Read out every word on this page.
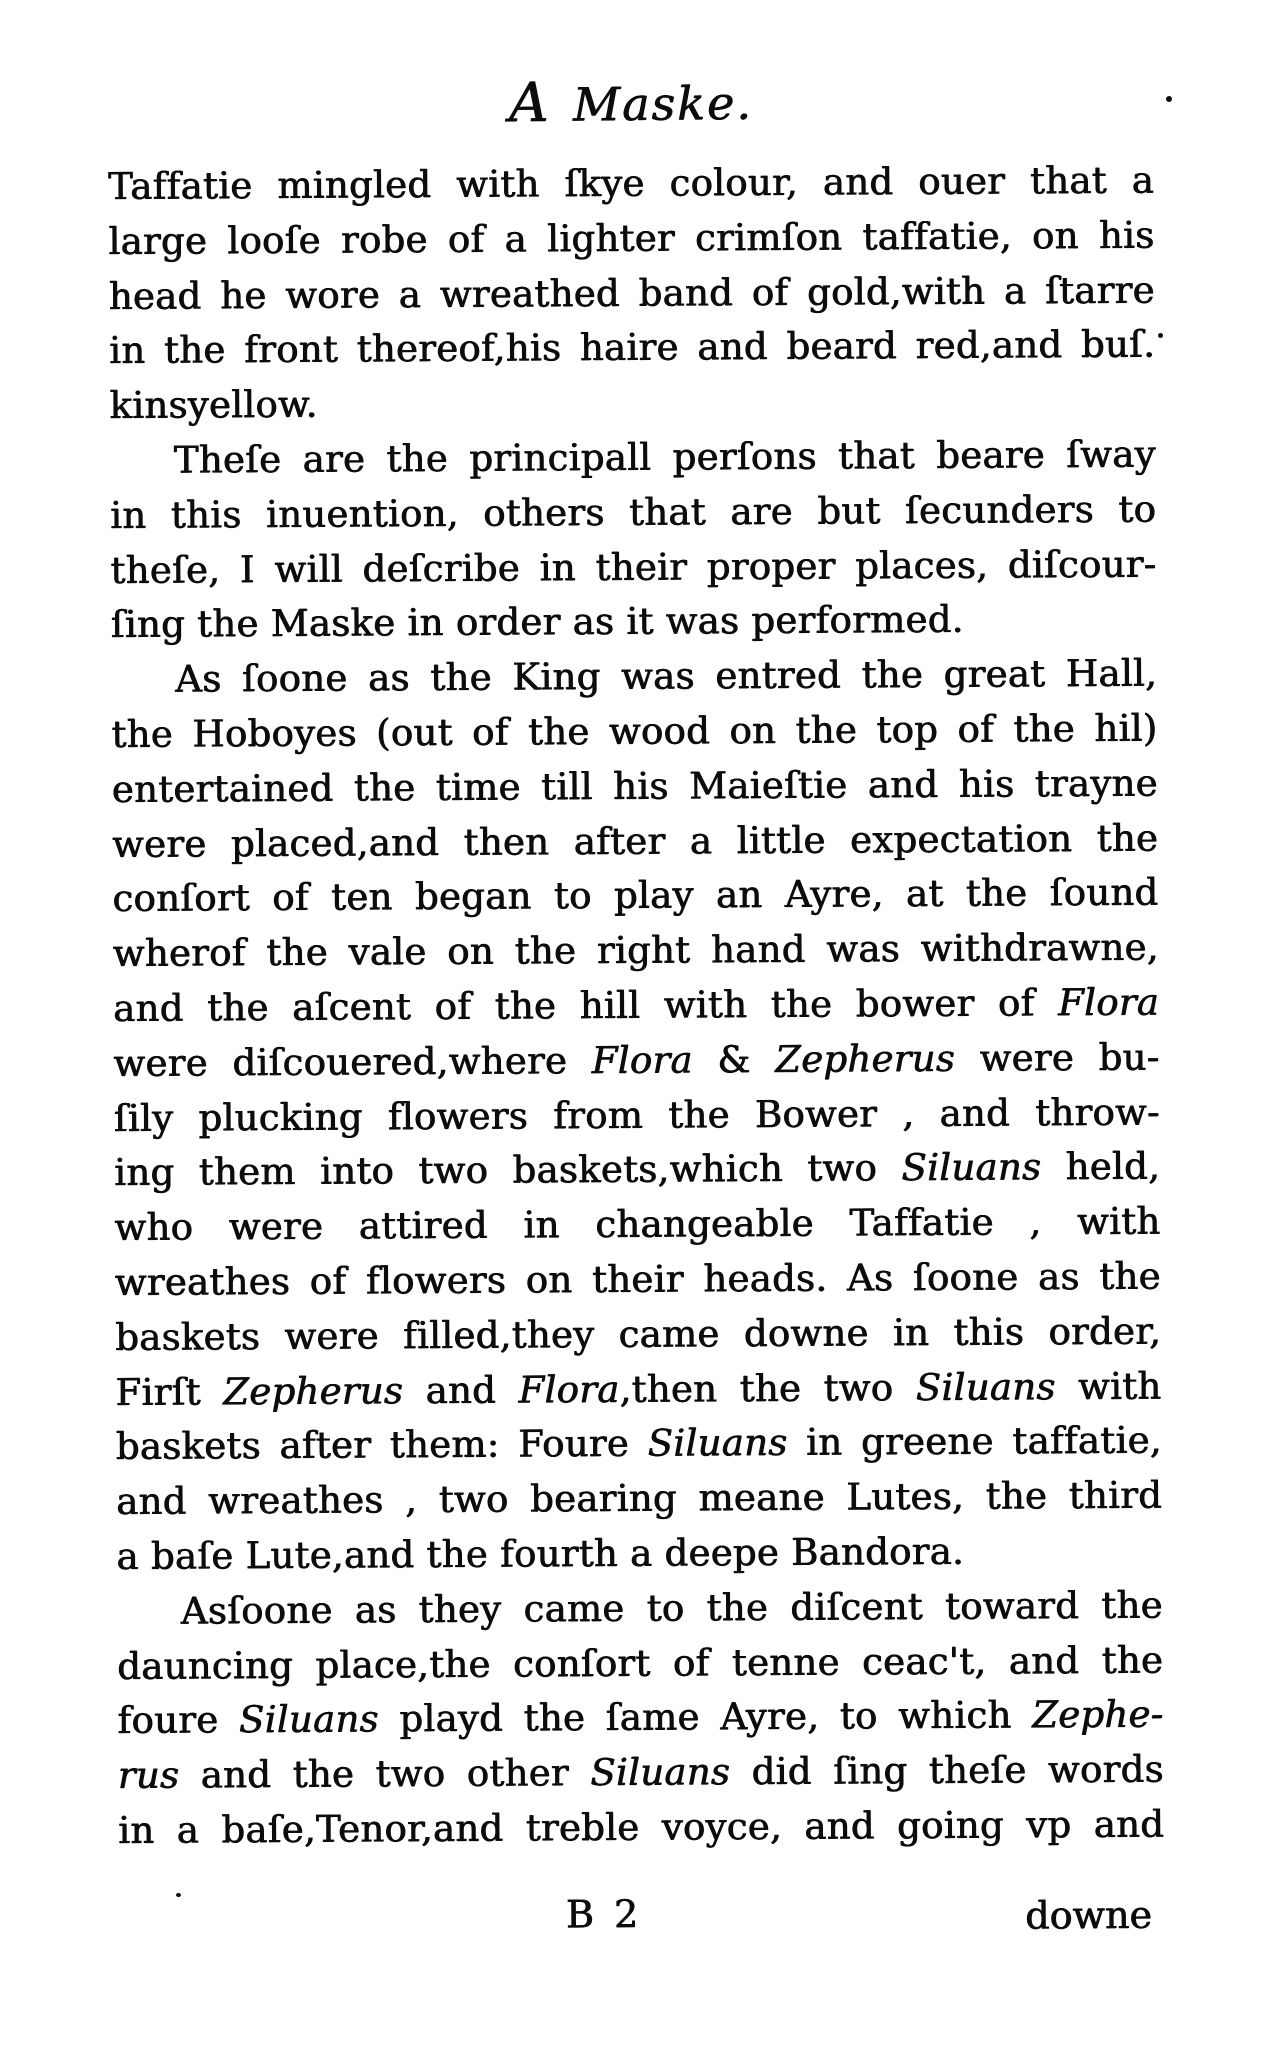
A Maske.

Taffatie mingled with ſkye colour, and ouer that a
large looſe robe of a lighter crimſon taffatie, on his
head he wore a wreathed band of gold,with a ſtarre
in the front thereof,his haire and beard red,and buſ.
kinsyellow.

Theſe are the principall perſons that beare ſway
in this inuention, others that are but ſecunders to
theſe, I will deſcribe in their proper places, diſcour-
ſing the Maske in order as it was performed.

As ſoone as the King was entred the great Hall,
the Hoboyes (out of the wood on the top of the hil)
entertained the time till his Maieſtie and his trayne
were placed,and then after a little expectation the
conſort of ten began to play an Ayre, at the ſound
wherof the vale on the right hand was withdrawne,
and the aſcent of the hill with the bower of Flora
were diſcouered,where Flora & Zepherus were bu-
ſily plucking flowers from the Bower , and throw-
ing them into two baskets,which two Siluans held,
who were attired in changeable Taffatie , with
wreathes of flowers on their heads. As ſoone as the
baskets were filled,they came downe in this order,
Firſt Zepherus and Flora,then the two Siluans with
baskets after them: Foure Siluans in greene taffatie,
and wreathes , two bearing meane Lutes, the third
a baſe Lute,and the fourth a deepe Bandora.

Asſoone as they came to the diſcent toward the
dauncing place,the conſort of tenne ceac't, and the
foure Siluans playd the ſame Ayre, to which Zephe-
rus and the two other Siluans did ſing theſe words
in a baſe,Tenor,and treble voyce, and going vp and

B 2	downe
